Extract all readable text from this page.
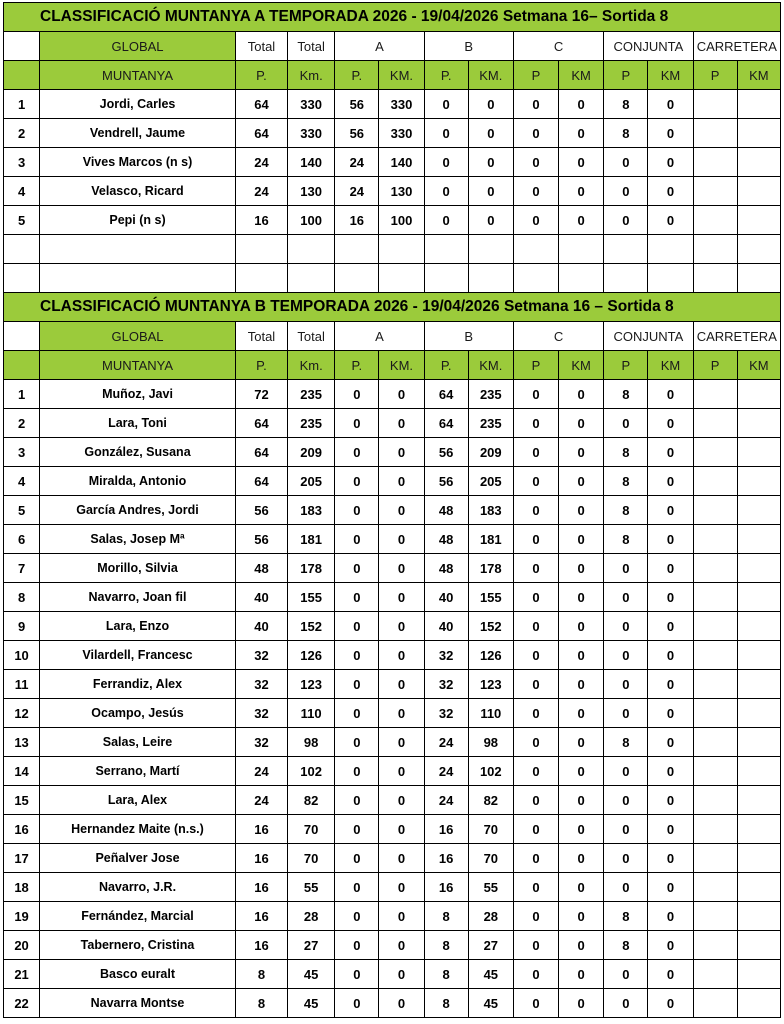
CLASSIFICACIÓ MUNTANYA A TEMPORADA 2026 - 19/04/2026 Setmana 16– Sortida 8													
	GLOBAL	Total	Total	A		B		C		CONJUNTA		CARRETERA	
	MUNTANYA	P.	Km.	P.	KM.	P.	KM.	P	KM	P	KM	P	KM
1	Jordi, Carles	64	330	56	330	0	0	0	0	8	0		
2	Vendrell, Jaume	64	330	56	330	0	0	0	0	8	0		
3	Vives Marcos (n s)	24	140	24	140	0	0	0	0	0	0		
4	Velasco, Ricard	24	130	24	130	0	0	0	0	0	0		
5	Pepi (n s)	16	100	16	100	0	0	0	0	0	0		

CLASSIFICACIÓ MUNTANYA B TEMPORADA 2026 - 19/04/2026 Setmana 16 – Sortida 8													
	GLOBAL	Total	Total	A		B		C		CONJUNTA		CARRETERA	
	MUNTANYA	P.	Km.	P.	KM.	P.	KM.	P	KM	P	KM	P	KM
1	Muñoz, Javi	72	235	0	0	64	235	0	0	8	0		
2	Lara, Toni	64	235	0	0	64	235	0	0	0	0		
3	González, Susana	64	209	0	0	56	209	0	0	8	0		
4	Miralda, Antonio	64	205	0	0	56	205	0	0	8	0		
5	García Andres, Jordi	56	183	0	0	48	183	0	0	8	0		
6	Salas, Josep Mª	56	181	0	0	48	181	0	0	8	0		
7	Morillo, Silvia	48	178	0	0	48	178	0	0	0	0		
8	Navarro, Joan fil	40	155	0	0	40	155	0	0	0	0		
9	Lara, Enzo	40	152	0	0	40	152	0	0	0	0		
10	Vilardell, Francesc	32	126	0	0	32	126	0	0	0	0		
11	Ferrandiz, Alex	32	123	0	0	32	123	0	0	0	0		
12	Ocampo, Jesús	32	110	0	0	32	110	0	0	0	0		
13	Salas, Leire	32	98	0	0	24	98	0	0	8	0		
14	Serrano, Martí	24	102	0	0	24	102	0	0	0	0		
15	Lara, Alex	24	82	0	0	24	82	0	0	0	0		
16	Hernandez Maite (n.s.)	16	70	0	0	16	70	0	0	0	0		
17	Peñalver Jose	16	70	0	0	16	70	0	0	0	0		
18	Navarro, J.R.	16	55	0	0	16	55	0	0	0	0		
19	Fernández, Marcial	16	28	0	0	8	28	0	0	8	0		
20	Tabernero, Cristina	16	27	0	0	8	27	0	0	8	0		
21	Basco euralt	8	45	0	0	8	45	0	0	0	0		
22	Navarra Montse	8	45	0	0	8	45	0	0	0	0		
